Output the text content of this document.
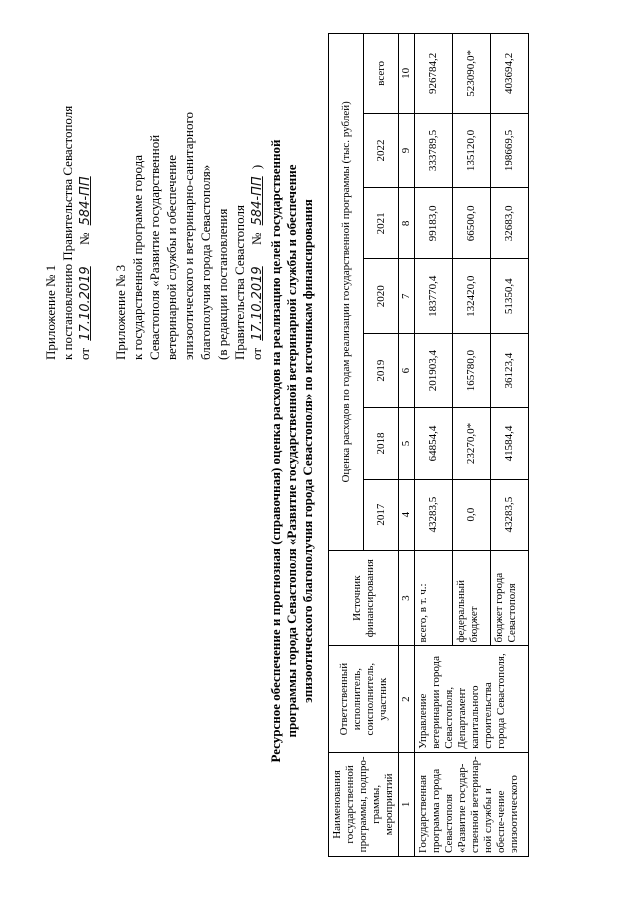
Приложение № 1 к постановлению Правительства Севастополя от 17.10.2019 № 584-ПП
Приложение № 3 к государственной программе города Севастополя «Развитие государственной ветеринарной службы и обеспечение эпизоотического и ветеринарно-санитарного благополучия города Севастополя» (в редакции постановления Правительства Севастополя от 17.10.2019 № 584-ПП ) Ресурсное обеспечение и прогнозная (справочная) оценка расходов на реализацию целей государственной программы города Севастополя «Развитие государственной ветеринарной службы и обеспечение эпизоотического благополучия города Севастополя» по источникам финансирования
Наименования государственной программы, подпро-граммы, мероприятий	Ответственный исполнитель, соисполнитель, участник	Источник финансирования	Оценка расходов по годам реализации государственной программы (тыс. рублей)						
			2017	2018	2019	2020	2021	2022	всего
1	2	3	4	5	6	7	8	9	10
Государственная программа города Севастополя «Развитие государ-ственной ветеринар-ной службы и обеспе-чение эпизоотического	Управление ветеринарии города Севастополя, Департамент капитального строительства города Севастополя,	всего, в т. ч.:	43283,5	64854,4	201903,4	183770,4	99183,0	333789,5	926784,2
		федеральный бюджет	0,0	23270,0*	165780,0	132420,0	66500,0	135120,0	523090,0*
		бюджет города Севастополя	43283,5	41584,4	36123,4	51350,4	32683,0	198669,5	403694,2
